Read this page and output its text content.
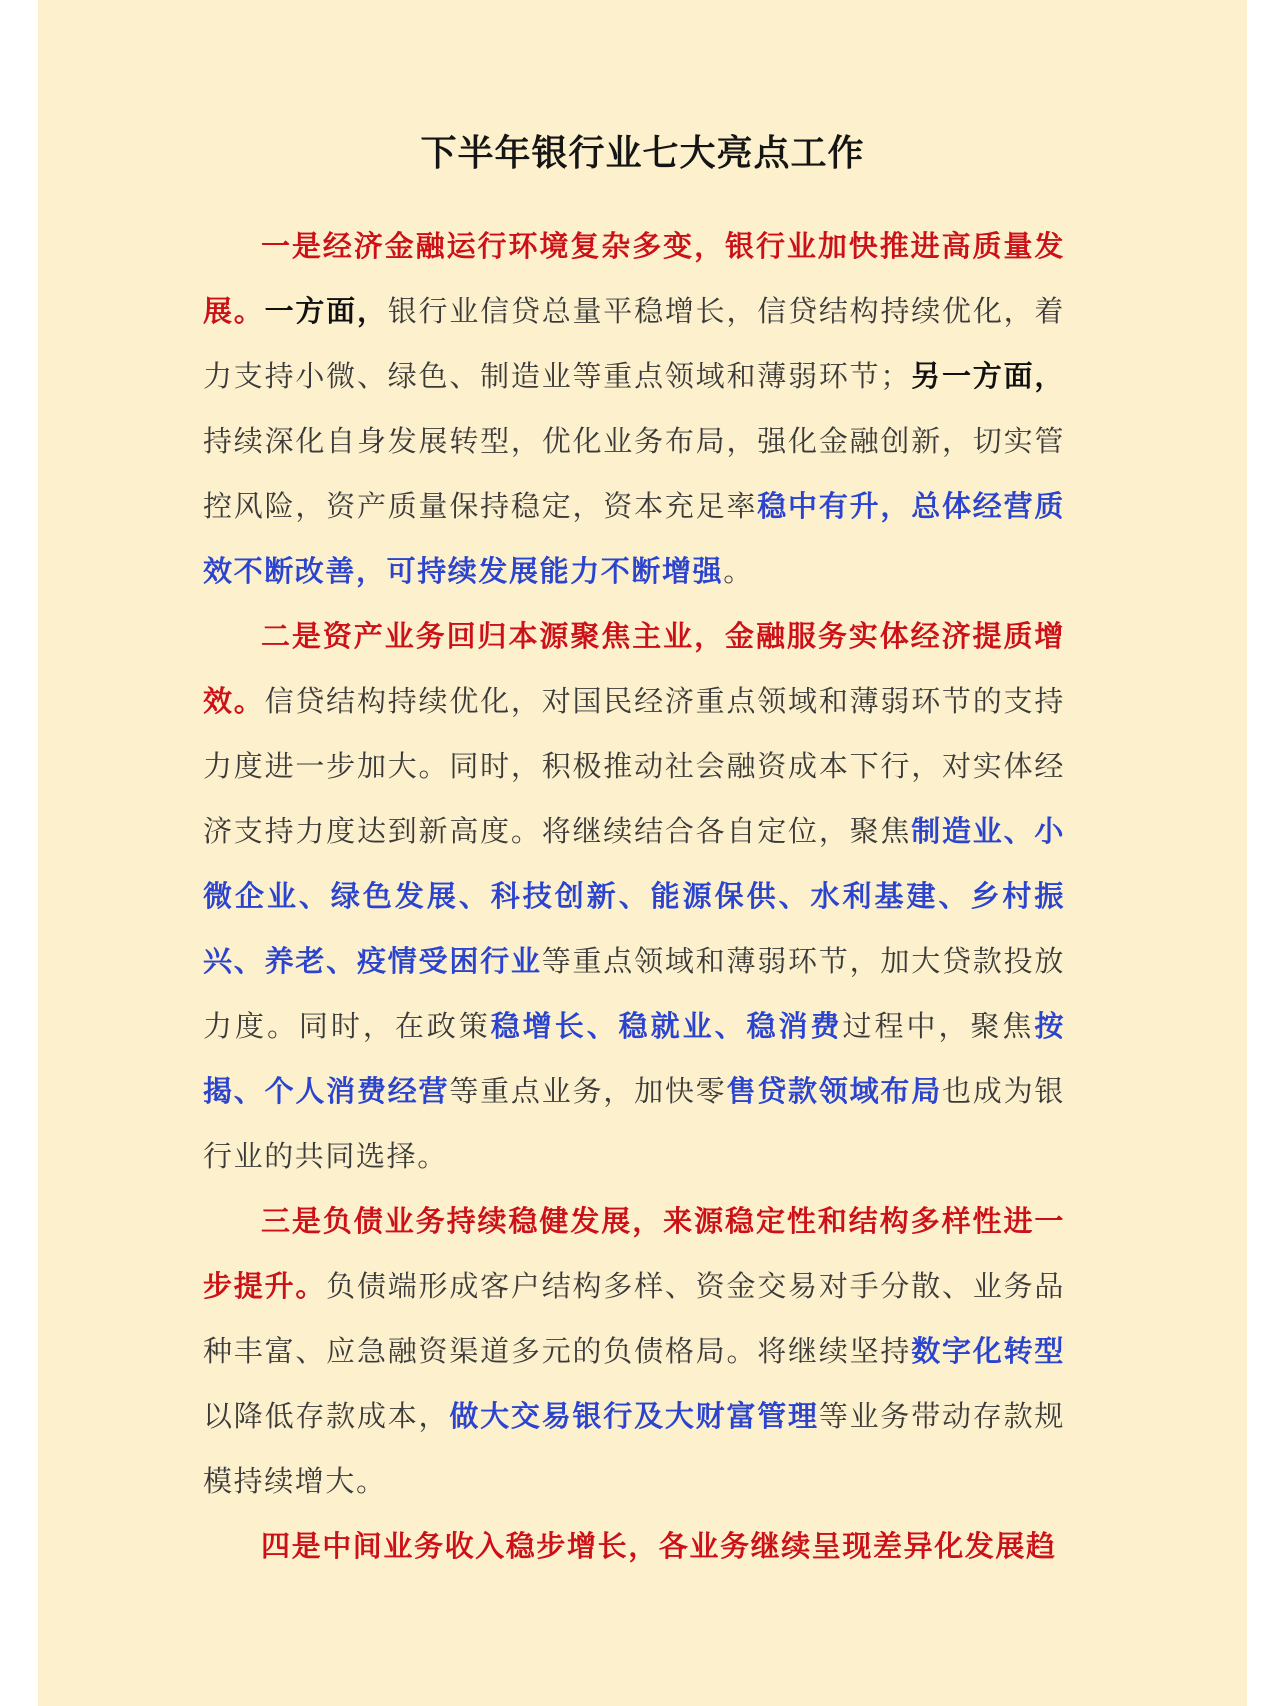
下半年银行业七大亮点工作

一是经济金融运行环境复杂多变，银行业加快推进高质量发展。一方面，银行业信贷总量平稳增长，信贷结构持续优化，着力支持小微、绿色、制造业等重点领域和薄弱环节；另一方面，持续深化自身发展转型，优化业务布局，强化金融创新，切实管控风险，资产质量保持稳定，资本充足率稳中有升，总体经营质效不断改善，可持续发展能力不断增强。

二是资产业务回归本源聚焦主业，金融服务实体经济提质增效。信贷结构持续优化，对国民经济重点领域和薄弱环节的支持力度进一步加大。同时，积极推动社会融资成本下行，对实体经济支持力度达到新高度。将继续结合各自定位，聚焦制造业、小微企业、绿色发展、科技创新、能源保供、水利基建、乡村振兴、养老、疫情受困行业等重点领域和薄弱环节，加大贷款投放力度。同时，在政策稳增长、稳就业、稳消费过程中，聚焦按揭、个人消费经营等重点业务，加快零售贷款领域布局也成为银行业的共同选择。

三是负债业务持续稳健发展，来源稳定性和结构多样性进一步提升。负债端形成客户结构多样、资金交易对手分散、业务品种丰富、应急融资渠道多元的负债格局。将继续坚持数字化转型以降低存款成本，做大交易银行及大财富管理等业务带动存款规模持续增大。

四是中间业务收入稳步增长，各业务继续呈现差异化发展趋
